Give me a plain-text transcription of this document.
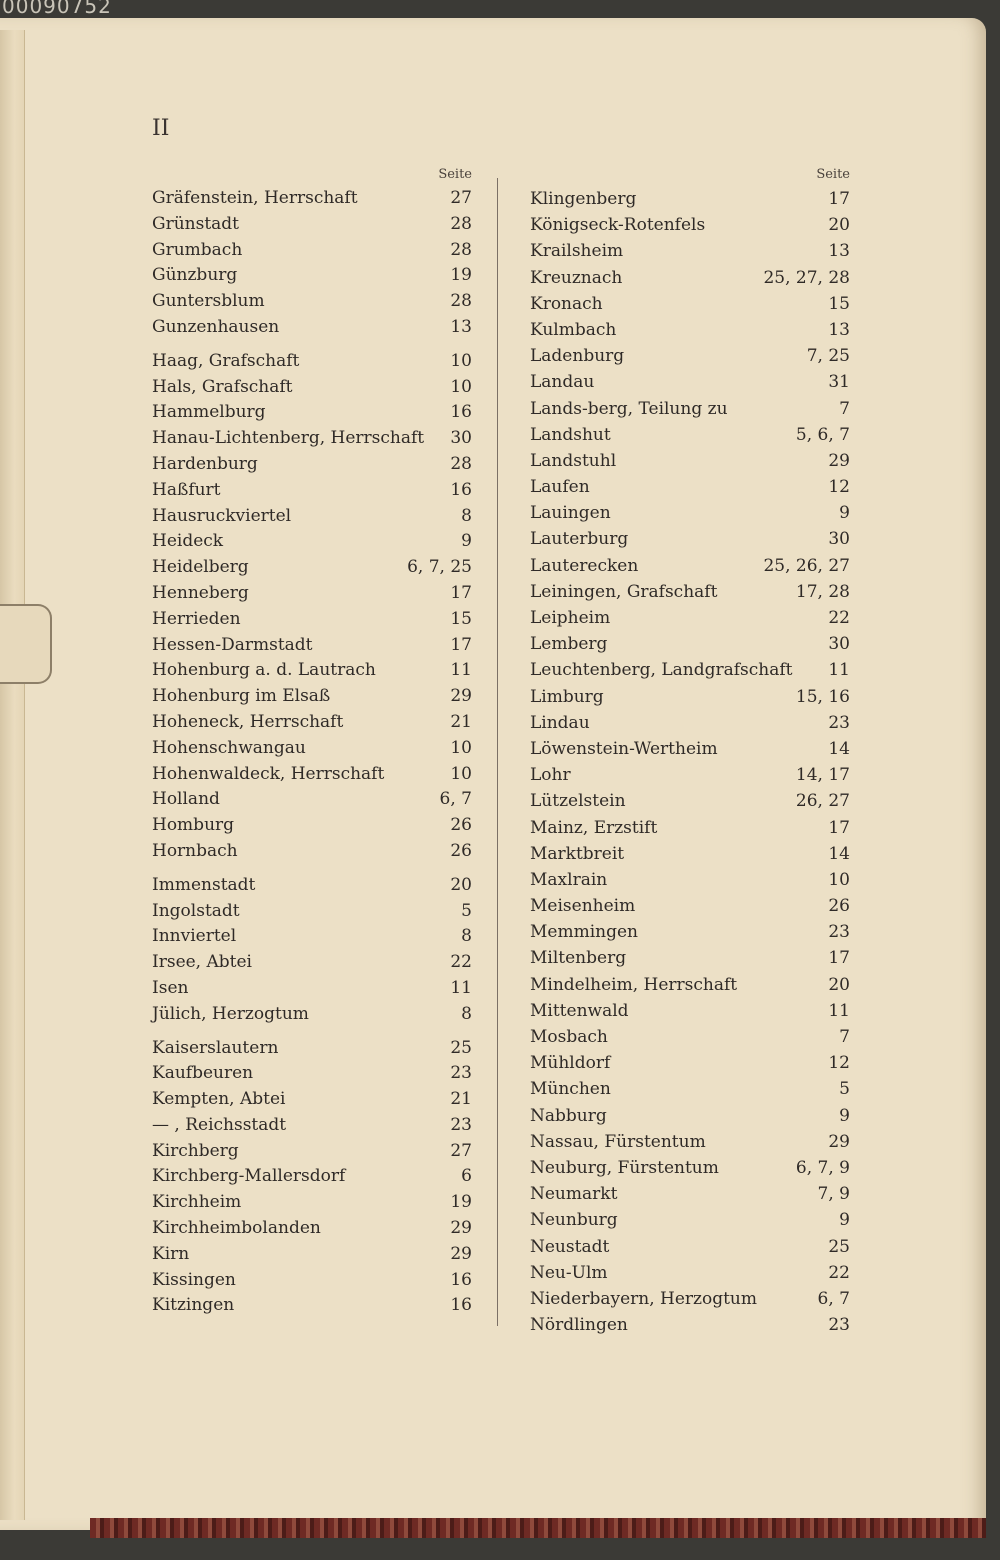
00090752
II
Seite
Gräfenstein, Herrschaft	27
Grünstadt	28
Grumbach	28
Günzburg	19
Guntersblum	28
Gunzenhausen	13
Haag, Grafschaft	10
Hals, Grafschaft	10
Hammelburg	16
Hanau-Lichtenberg, Herrschaft 30
Hardenburg	28
Haßfurt	16
Hausruckviertel	8
Heideck	9
Heidelberg	6, 7, 25
Henneberg	17
Herrieden	15
Hessen-Darmstadt	17
Hohenburg a. d. Lautrach	11
Hohenburg im Elsaß	29
Hoheneck, Herrschaft	21
Hohenschwangau	10
Hohenwaldeck, Herrschaft	10
Holland	6, 7
Homburg	26
Hornbach	26
Immenstadt	20
Ingolstadt	5
Innviertel	8
Irsee, Abtei	22
Isen	11
Jülich, Herzogtum	8
Kaiserslautern	25
Kaufbeuren	23
Kempten, Abtei	21
— , Reichsstadt	23
Kirchberg	27
Kirchberg-Mallersdorf	6
Kirchheim	19
Kirchheimbolanden	29
Kirn	29
Kissingen	16
Kitzingen	16
Seite
Klingenberg	17
Königseck-Rotenfels	20
Krailsheim	13
Kreuznach	25, 27, 28
Kronach	15
Kulmbach	13
Ladenburg	7, 25
Landau	31
Lands-berg, Teilung zu	7
Landshut	5, 6, 7
Landstuhl	29
Laufen	12
Lauingen	9
Lauterburg	30
Lauterecken	25, 26, 27
Leiningen, Grafschaft	17, 28
Leipheim	22
Lemberg	30
Leuchtenberg, Landgrafschaft 11
Limburg	15, 16
Lindau	23
Löwenstein-Wertheim	14
Lohr	14, 17
Lützelstein	26, 27
Mainz, Erzstift	17
Marktbreit	14
Maxlrain	10
Meisenheim	26
Memmingen	23
Miltenberg	17
Mindelheim, Herrschaft	20
Mittenwald	11
Mosbach	7
Mühldorf	12
München	5
Nabburg	9
Nassau, Fürstentum	29
Neuburg, Fürstentum	6, 7, 9
Neumarkt	7, 9
Neunburg	9
Neustadt	25
Neu-Ulm	22
Niederbayern, Herzogtum	6, 7
Nördlingen	23
